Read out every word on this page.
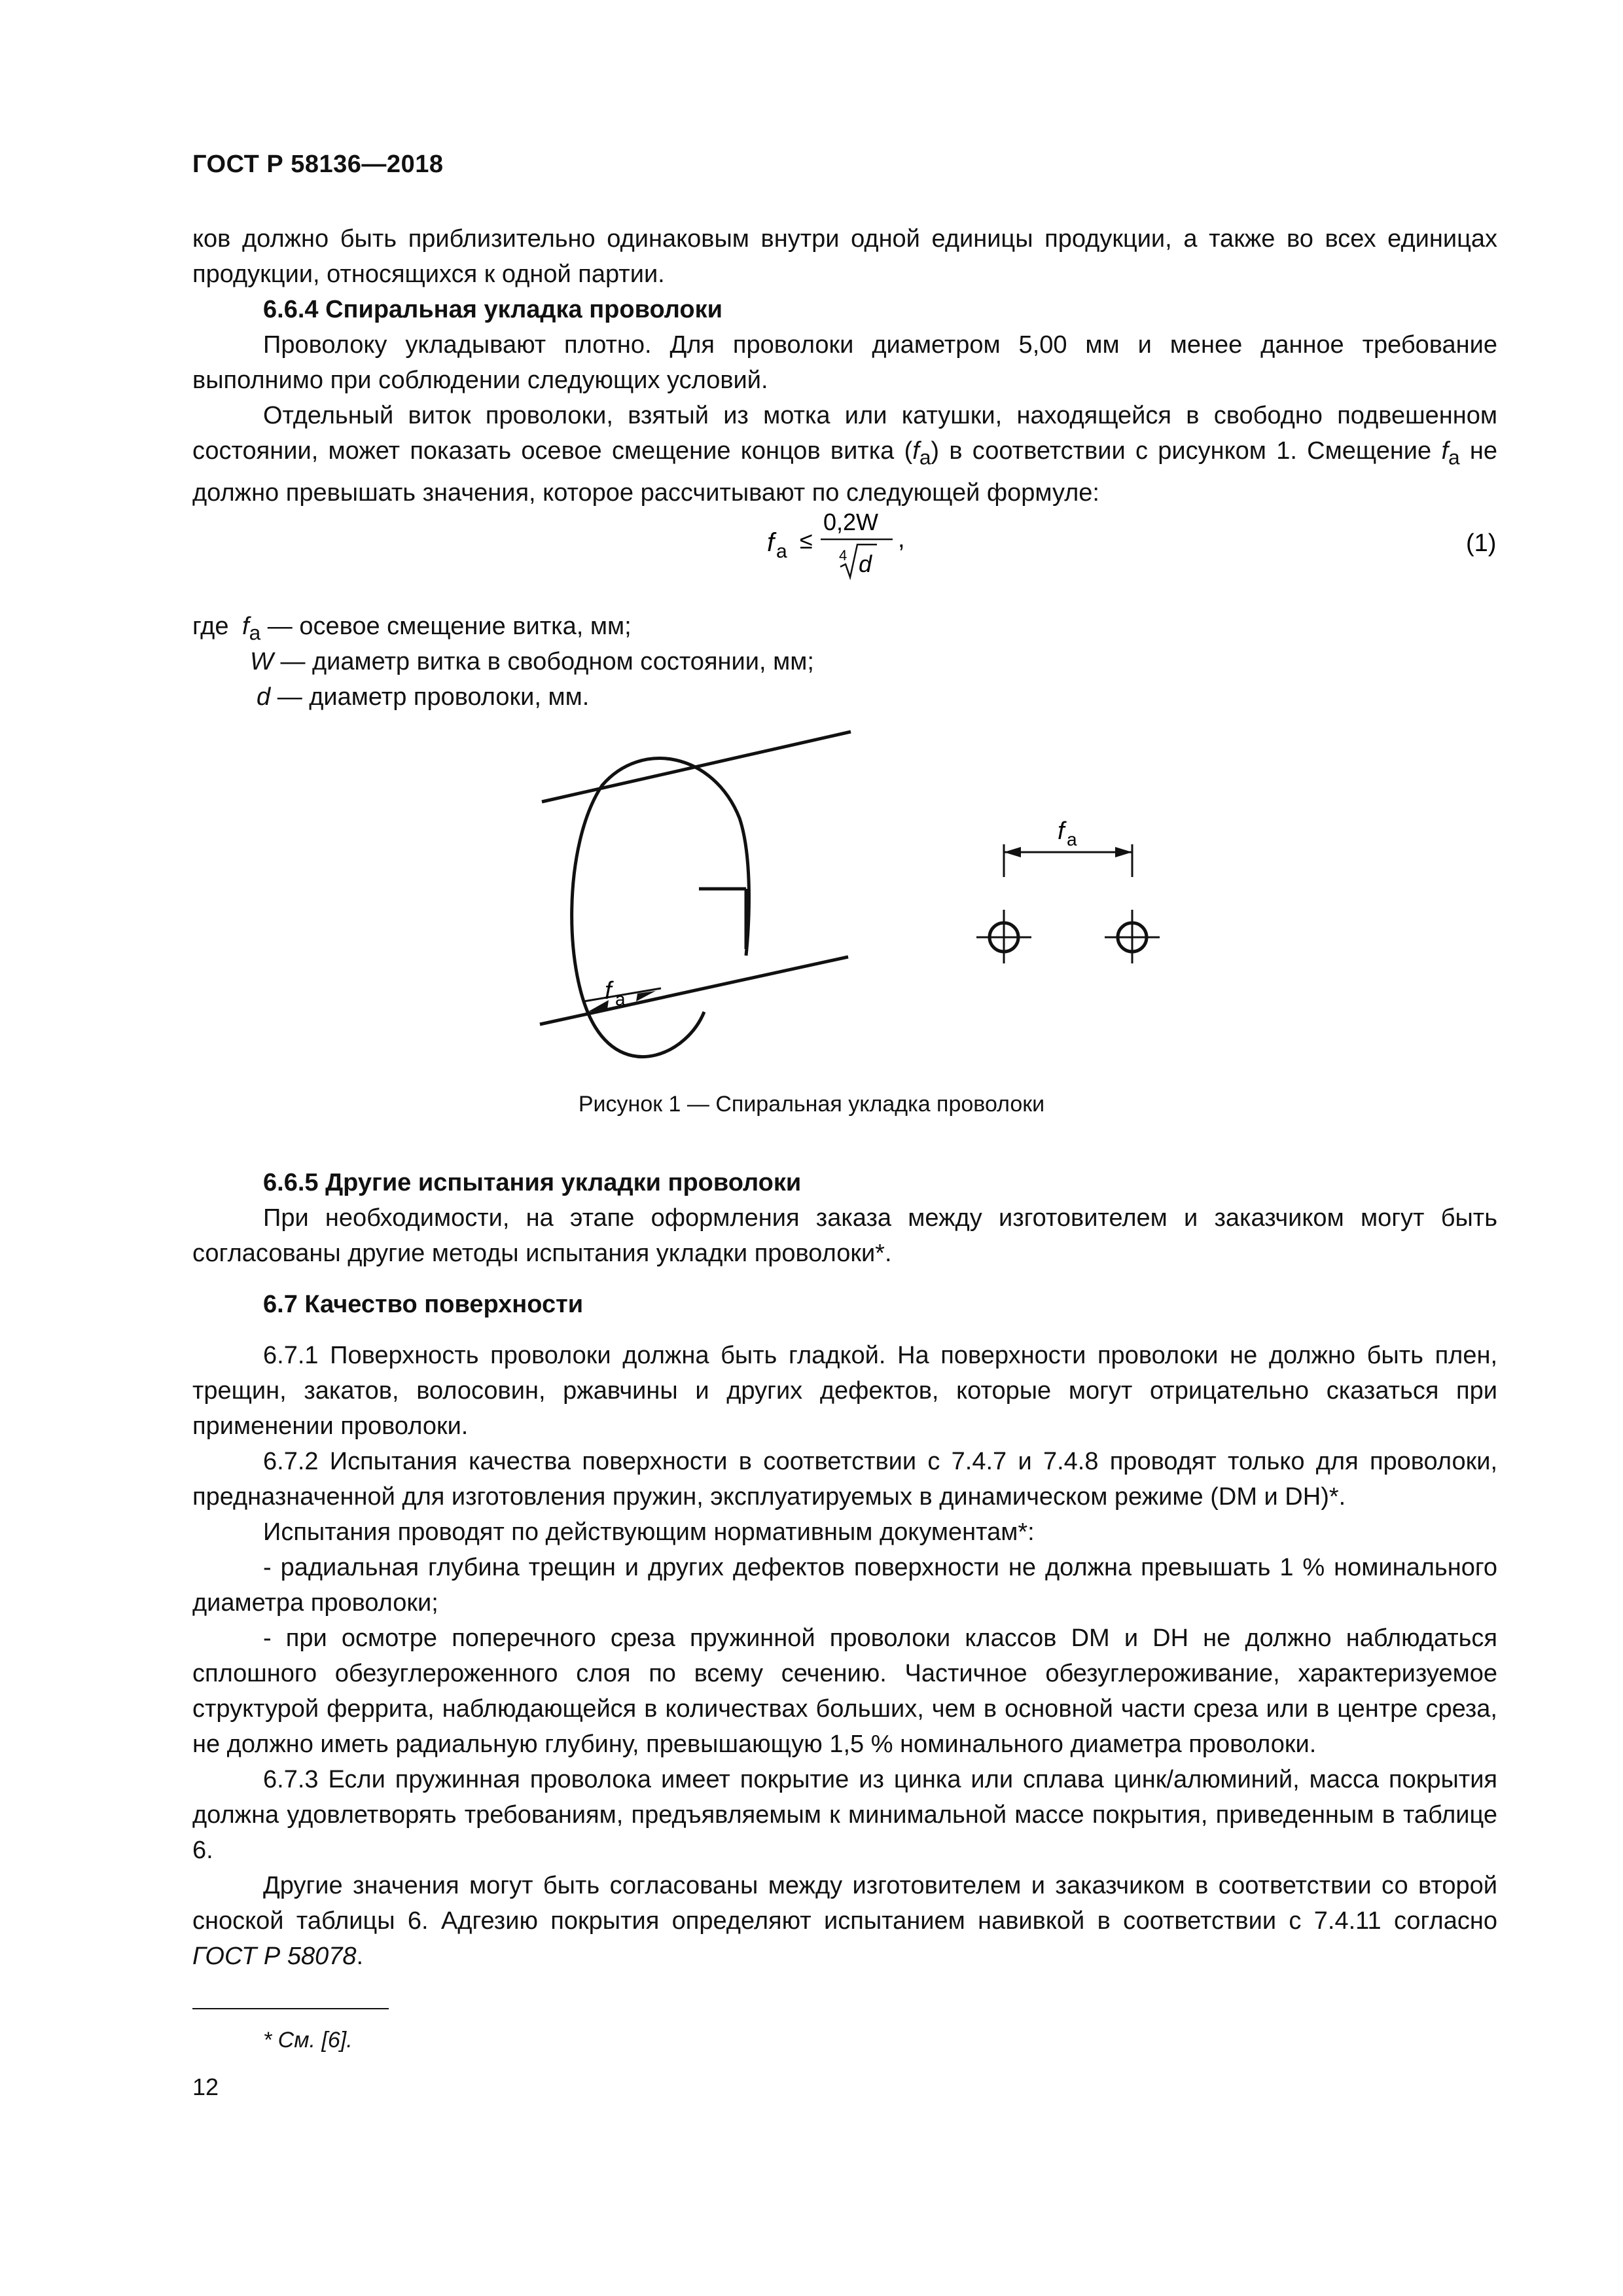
ГОСТ Р 58136—2018

ков должно быть приблизительно одинаковым внутри одной единицы продукции, а также во всех единицах продукции, относящихся к одной партии.

6.6.4 Спиральная укладка проволоки

Проволоку укладывают плотно. Для проволоки диаметром 5,00 мм и менее данное требование выполнимо при соблюдении следующих условий.

Отдельный виток проволоки, взятый из мотка или катушки, находящейся в свободно подвешенном состоянии, может показать осевое смещение концов витка $(f_a)$ в соответствии с рисунком 1. Смещение $f_a$ не должно превышать значения, которое рассчитывают по следующей формуле:

f a ≤
0,2W
4 d
,	(1)
где $f_a$ — осевое смещение витка, мм;
W — диаметр витка в свободном состоянии, мм;
d — диаметр проволоки, мм.
f a
f a
Рисунок 1 — Спиральная укладка проволоки

6.6.5 Другие испытания укладки проволоки

При необходимости, на этапе оформления заказа между изготовителем и заказчиком могут быть согласованы другие методы испытания укладки проволоки*.

6.7 Качество поверхности

6.7.1 Поверхность проволоки должна быть гладкой. На поверхности проволоки не должно быть плен, трещин, закатов, волосовин, ржавчины и других дефектов, которые могут отрицательно сказаться при применении проволоки.

6.7.2 Испытания качества поверхности в соответствии с 7.4.7 и 7.4.8 проводят только для проволоки, предназначенной для изготовления пружин, эксплуатируемых в динамическом режиме (DM и DH)*.

Испытания проводят по действующим нормативным документам*:

- радиальная глубина трещин и других дефектов поверхности не должна превышать 1 % номинального диаметра проволоки;

- при осмотре поперечного среза пружинной проволоки классов DM и DH не должно наблюдаться сплошного обезуглероженного слоя по всему сечению. Частичное обезуглероживание, характеризуемое структурой феррита, наблюдающейся в количествах больших, чем в основной части среза или в центре среза, не должно иметь радиальную глубину, превышающую 1,5 % номинального диаметра проволоки.

6.7.3 Если пружинная проволока имеет покрытие из цинка или сплава цинк/алюминий, масса покрытия должна удовлетворять требованиям, предъявляемым к минимальной массе покрытия, приведенным в таблице 6.

Другие значения могут быть согласованы между изготовителем и заказчиком в соответствии со второй сноской таблицы 6. Адгезию покрытия определяют испытанием навивкой в соответствии с 7.4.11 согласно ГОСТ Р 58078.

* См. [6].
12
